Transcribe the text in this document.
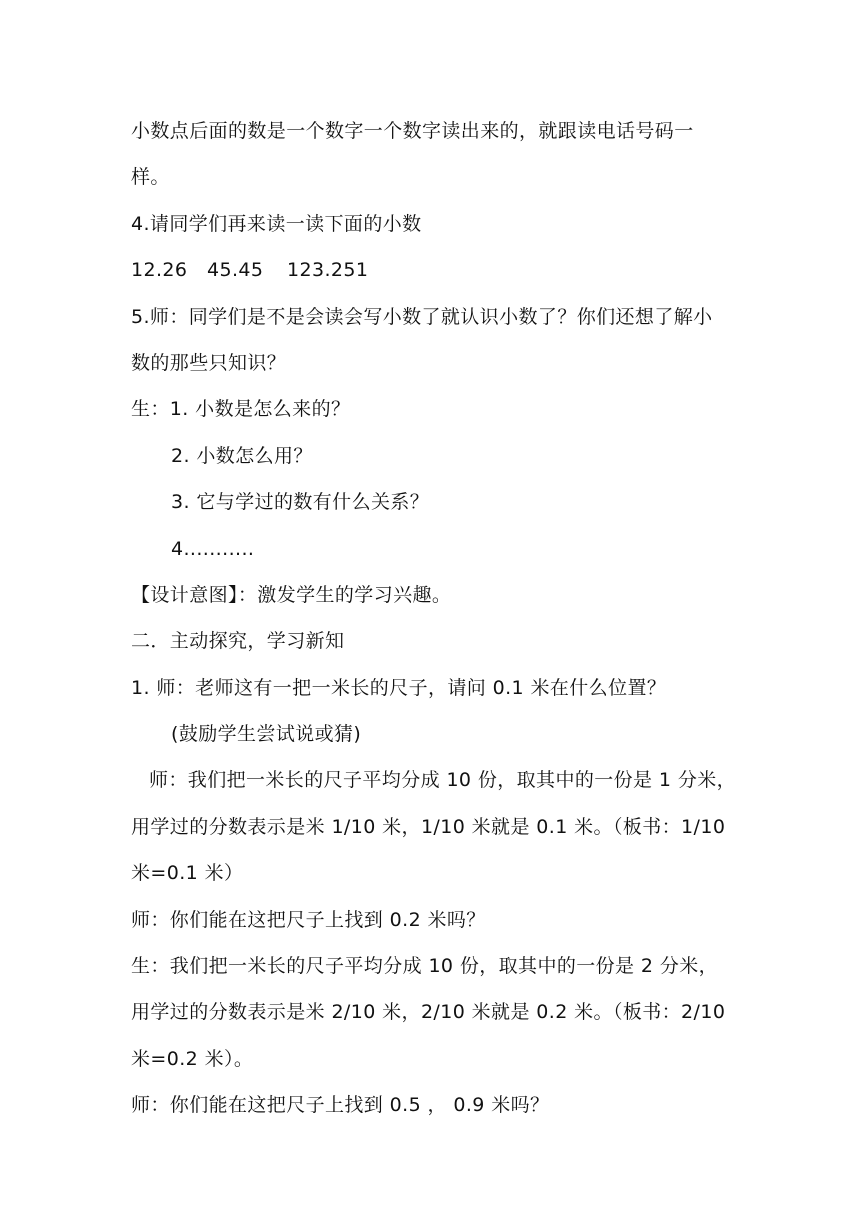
小数点后面的数是一个数字一个数字读出来的，就跟读电话号码一
样。
4.请同学们再来读一读下面的小数
12.26 45.45 123.251
5.师：同学们是不是会读会写小数了就认识小数了？你们还想了解小
数的那些只知识？
生：1. 小数是怎么来的？
2. 小数怎么用？
3. 它与学过的数有什么关系？
4...........
【设计意图】：激发学生的学习兴趣。
二．主动探究，学习新知
1. 师：老师这有一把一米长的尺子，请问 0.1 米在什么位置？
(鼓励学生尝试说或猜)
师：我们把一米长的尺子平均分成 10 份，取其中的一份是 1 分米，
用学过的分数表示是米 1/10 米，1/10 米就是 0.1 米。（板书：1/10
米=0.1 米）
师：你们能在这把尺子上找到 0.2 米吗？
生：我们把一米长的尺子平均分成 10 份，取其中的一份是 2 分米，
用学过的分数表示是米 2/10 米，2/10 米就是 0.2 米。（板书：2/10
米=0.2 米）。
师：你们能在这把尺子上找到 0.5 ， 0.9 米吗？
